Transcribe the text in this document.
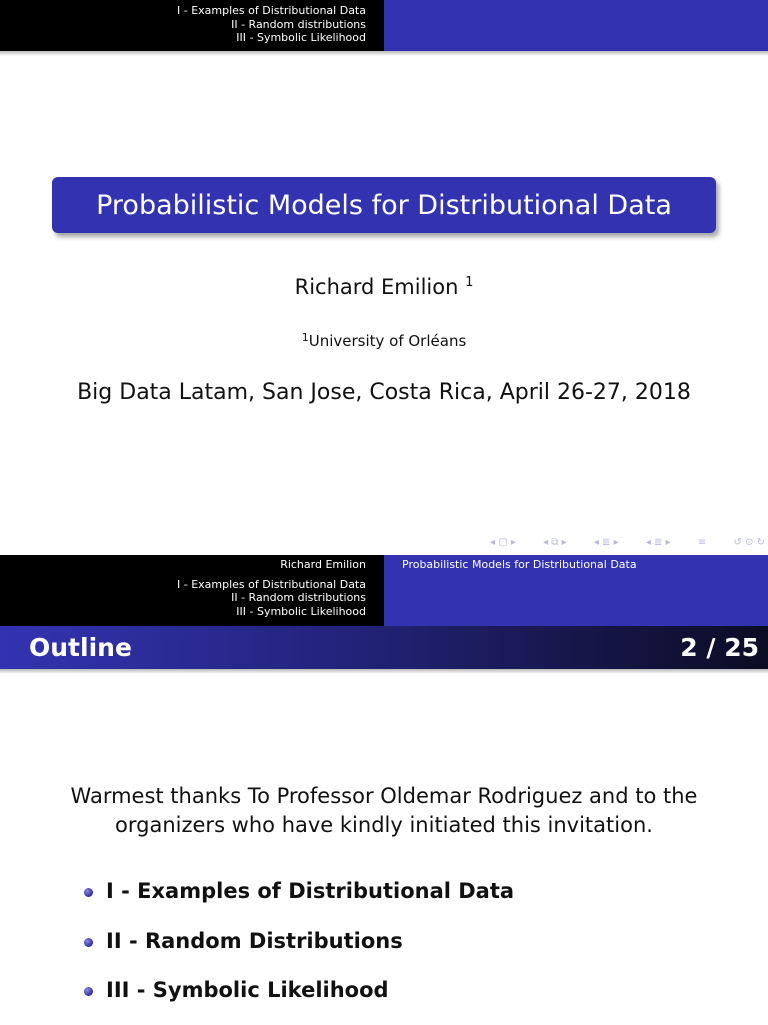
I - Examples of Distributional Data
II - Random distributions
III - Symbolic Likelihood
Probabilistic Models for Distributional Data
Richard Emilion $^1$
$^1$University of Orléans
Big Data Latam, San Jose, Costa Rica, April 26-27, 2018
◂ ▢ ▸	◂ ⧉ ▸	◂ ≣ ▸	◂ ≣ ▸	≡	↺ ⊙ ↻
Richard Emilion
I - Examples of Distributional Data
II - Random distributions
III - Symbolic Likelihood
Probabilistic Models for Distributional Data
Outline	2 / 25
Warmest thanks To Professor Oldemar Rodriguez and to the organizers who have kindly initiated this invitation.
I - Examples of Distributional Data
II - Random Distributions
III - Symbolic Likelihood
